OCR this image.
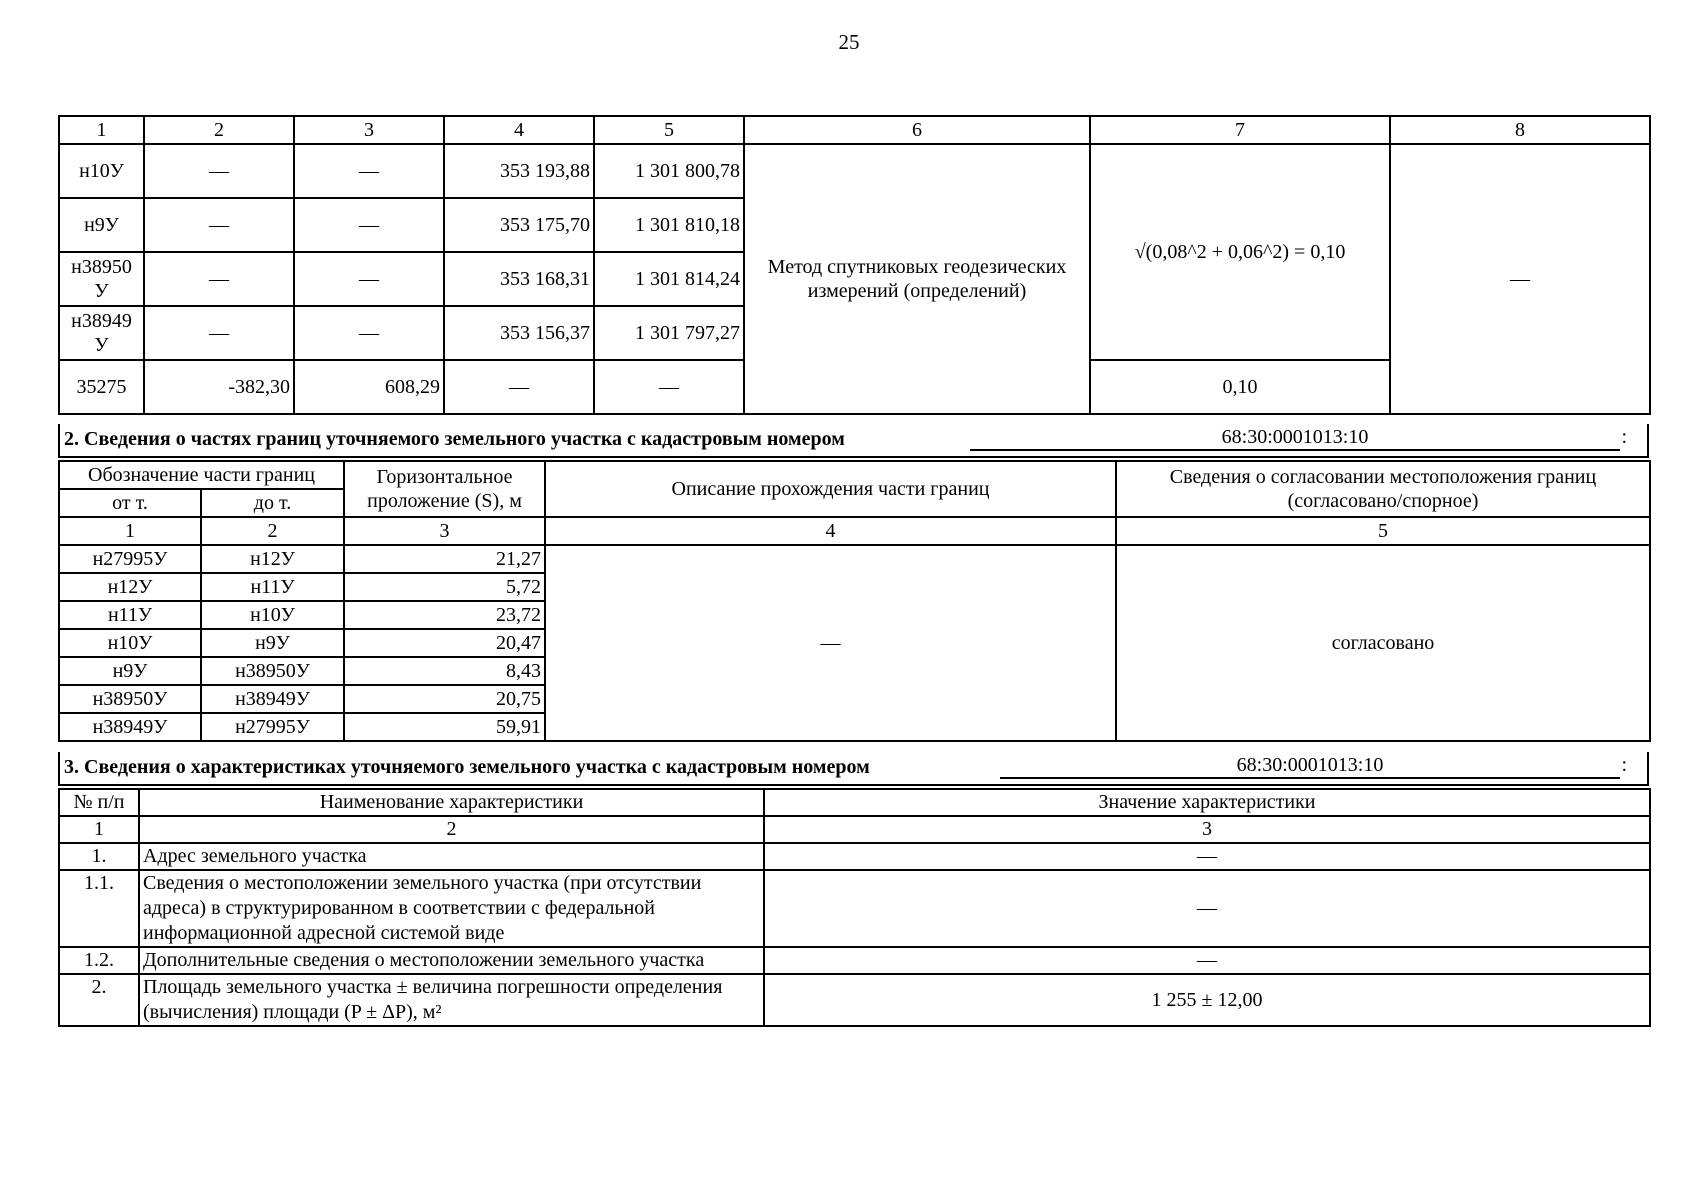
25
1	2	3	4	5	6	7	8
н10У	—	—	353 193,88	1 301 800,78	Метод спутниковых геодезических измерений (определений)	√(0,08^2 + 0,06^2) = 0,10	—
н9У	—	—	353 175,70	1 301 810,18			
н38950 У	—	—	353 168,31	1 301 814,24			
н38949 У	—	—	353 156,37	1 301 797,27			
35275	-382,30	608,29	—	—		0,10	
2. Сведения о частях границ уточняемого земельного участка с кадастровым номером	68:30:0001013:10	:
Обозначение части границ		Горизонтальное проложение (S), м	Описание прохождения части границ	Сведения о согласовании местоположения границ (согласовано/спорное)
от т.	до т.			
1	2	3	4	5
н27995У	н12У	21,27	—	согласовано
н12У	н11У	5,72		
н11У	н10У	23,72		
н10У	н9У	20,47		
н9У	н38950У	8,43		
н38950У	н38949У	20,75		
н38949У	н27995У	59,91		
3. Сведения о характеристиках уточняемого земельного участка с кадастровым номером	68:30:0001013:10	:
№ п/п	Наименование характеристики	Значение характеристики
1	2	3
1.	Адрес земельного участка	—
1.1.	Сведения о местоположении земельного участка (при отсутствии адреса) в структурированном в соответствии с федеральной информационной адресной системой виде	—
1.2.	Дополнительные сведения о местоположении земельного участка	—
2.	Площадь земельного участка ± величина погрешности определения (вычисления) площади (P ± ΔP), м²	1 255 ± 12,00
